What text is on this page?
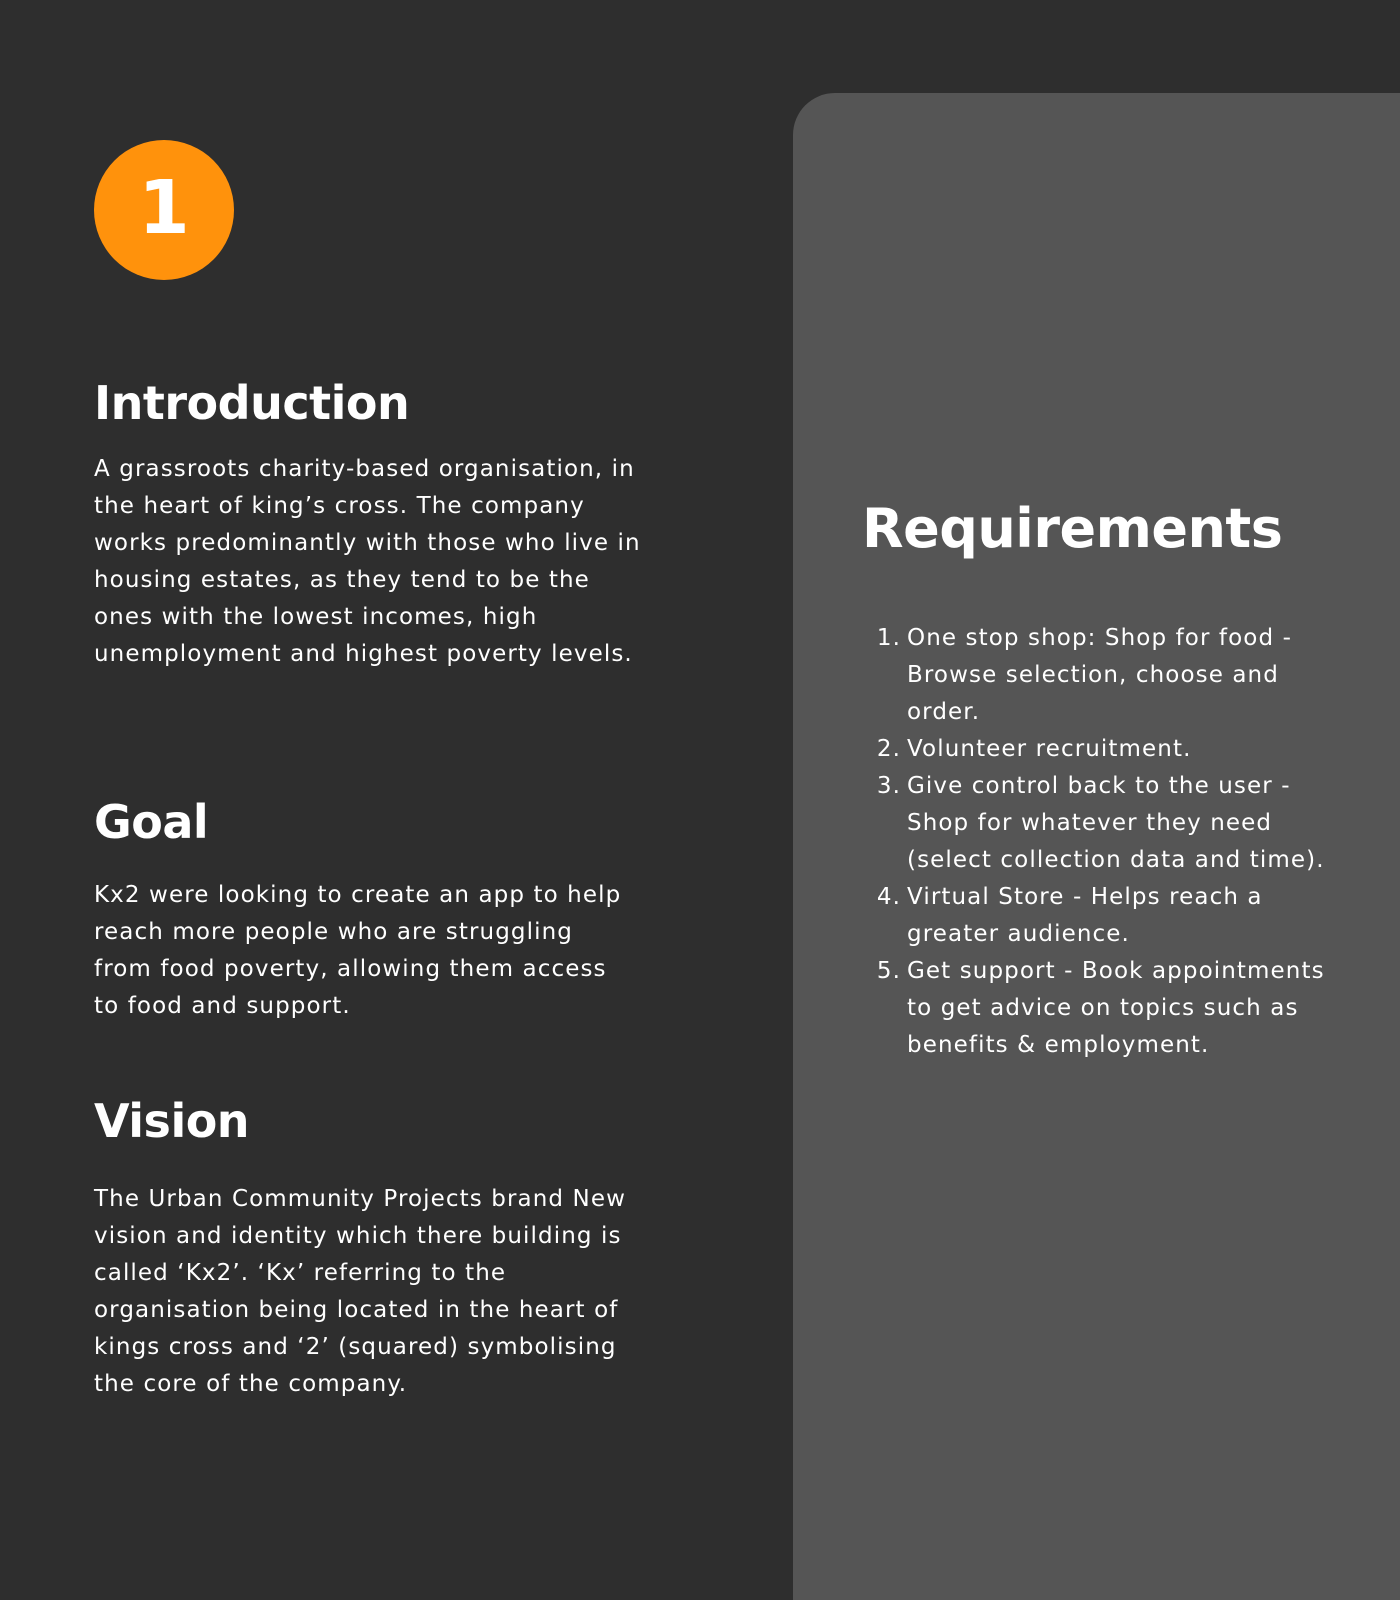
1
Introduction

A grassroots charity-based organisation, in the heart of king’s cross. The company works predominantly with those who live in housing estates, as they tend to be the ones with the lowest incomes, high unemployment and highest poverty levels.

Goal

Kx2 were looking to create an app to help reach more people who are struggling from food poverty, allowing them access to food and support.

Vision

The Urban Community Projects brand New vision and identity which there building is called ‘Kx2’. ‘Kx’ referring to the organisation being located in the heart of kings cross and ‘2’ (squared) symbolising the core of the company.

Requirements
1. One stop shop: Shop for food - Browse selection, choose and order.
2. Volunteer recruitment.
3. Give control back to the user - Shop for whatever they need (select collection data and time).
4. Virtual Store - Helps reach a greater audience.
5. Get support - Book appointments to get advice on topics such as benefits & employment.
